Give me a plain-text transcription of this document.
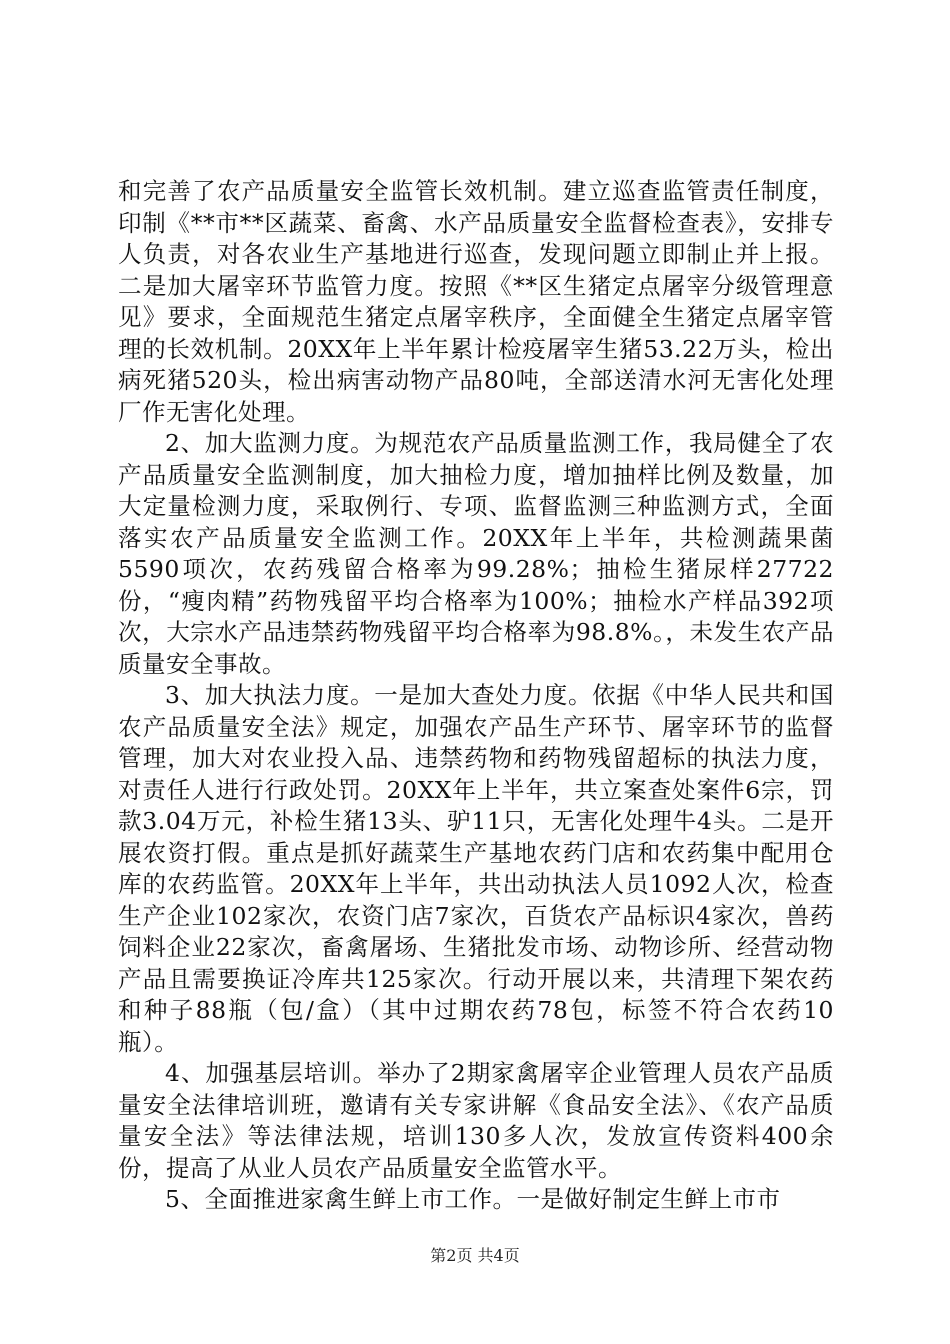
和完善了农产品质量安全监管长效机制。建立巡查监管责任制度，印制《**市**区蔬菜、畜禽、水产品质量安全监督检查表》，安排专人负责，对各农业生产基地进行巡查，发现问题立即制止并上报。二是加大屠宰环节监管力度。按照《**区生猪定点屠宰分级管理意见》要求，全面规范生猪定点屠宰秩序，全面健全生猪定点屠宰管理的长效机制。20XX年上半年累计检疫屠宰生猪53.22万头，检出病死猪520头，检出病害动物产品80吨，全部送清水河无害化处理厂作无害化处理。

2、加大监测力度。为规范农产品质量监测工作，我局健全了农产品质量安全监测制度，加大抽检力度，增加抽样比例及数量，加大定量检测力度，采取例行、专项、监督监测三种监测方式，全面落实农产品质量安全监测工作。20XX年上半年，共检测蔬果菌5590项次，农药残留合格率为99.28%；抽检生猪尿样27722份，“瘦肉精”药物残留平均合格率为100%；抽检水产样品392项次，大宗水产品违禁药物残留平均合格率为98.8%。，未发生农产品质量安全事故。

3、加大执法力度。一是加大查处力度。依据《中华人民共和国农产品质量安全法》规定，加强农产品生产环节、屠宰环节的监督管理，加大对农业投入品、违禁药物和药物残留超标的执法力度，对责任人进行行政处罚。20XX年上半年，共立案查处案件6宗，罚款3.04万元，补检生猪13头、驴11只，无害化处理牛4头。二是开展农资打假。重点是抓好蔬菜生产基地农药门店和农药集中配用仓库的农药监管。20XX年上半年，共出动执法人员1092人次，检查生产企业102家次，农资门店7家次，百货农产品标识4家次，兽药饲料企业22家次，畜禽屠场、生猪批发市场、动物诊所、经营动物产品且需要换证冷库共125家次。行动开展以来，共清理下架农药和种子88瓶（包/盒）（其中过期农药78包，标签不符合农药10瓶）。

4、加强基层培训。举办了2期家禽屠宰企业管理人员农产品质量安全法律培训班，邀请有关专家讲解《食品安全法》、《农产品质量安全法》等法律法规，培训130多人次，发放宣传资料400余份，提高了从业人员农产品质量安全监管水平。

5、全面推进家禽生鲜上市工作。一是做好制定生鲜上市市

第2页 共4页
